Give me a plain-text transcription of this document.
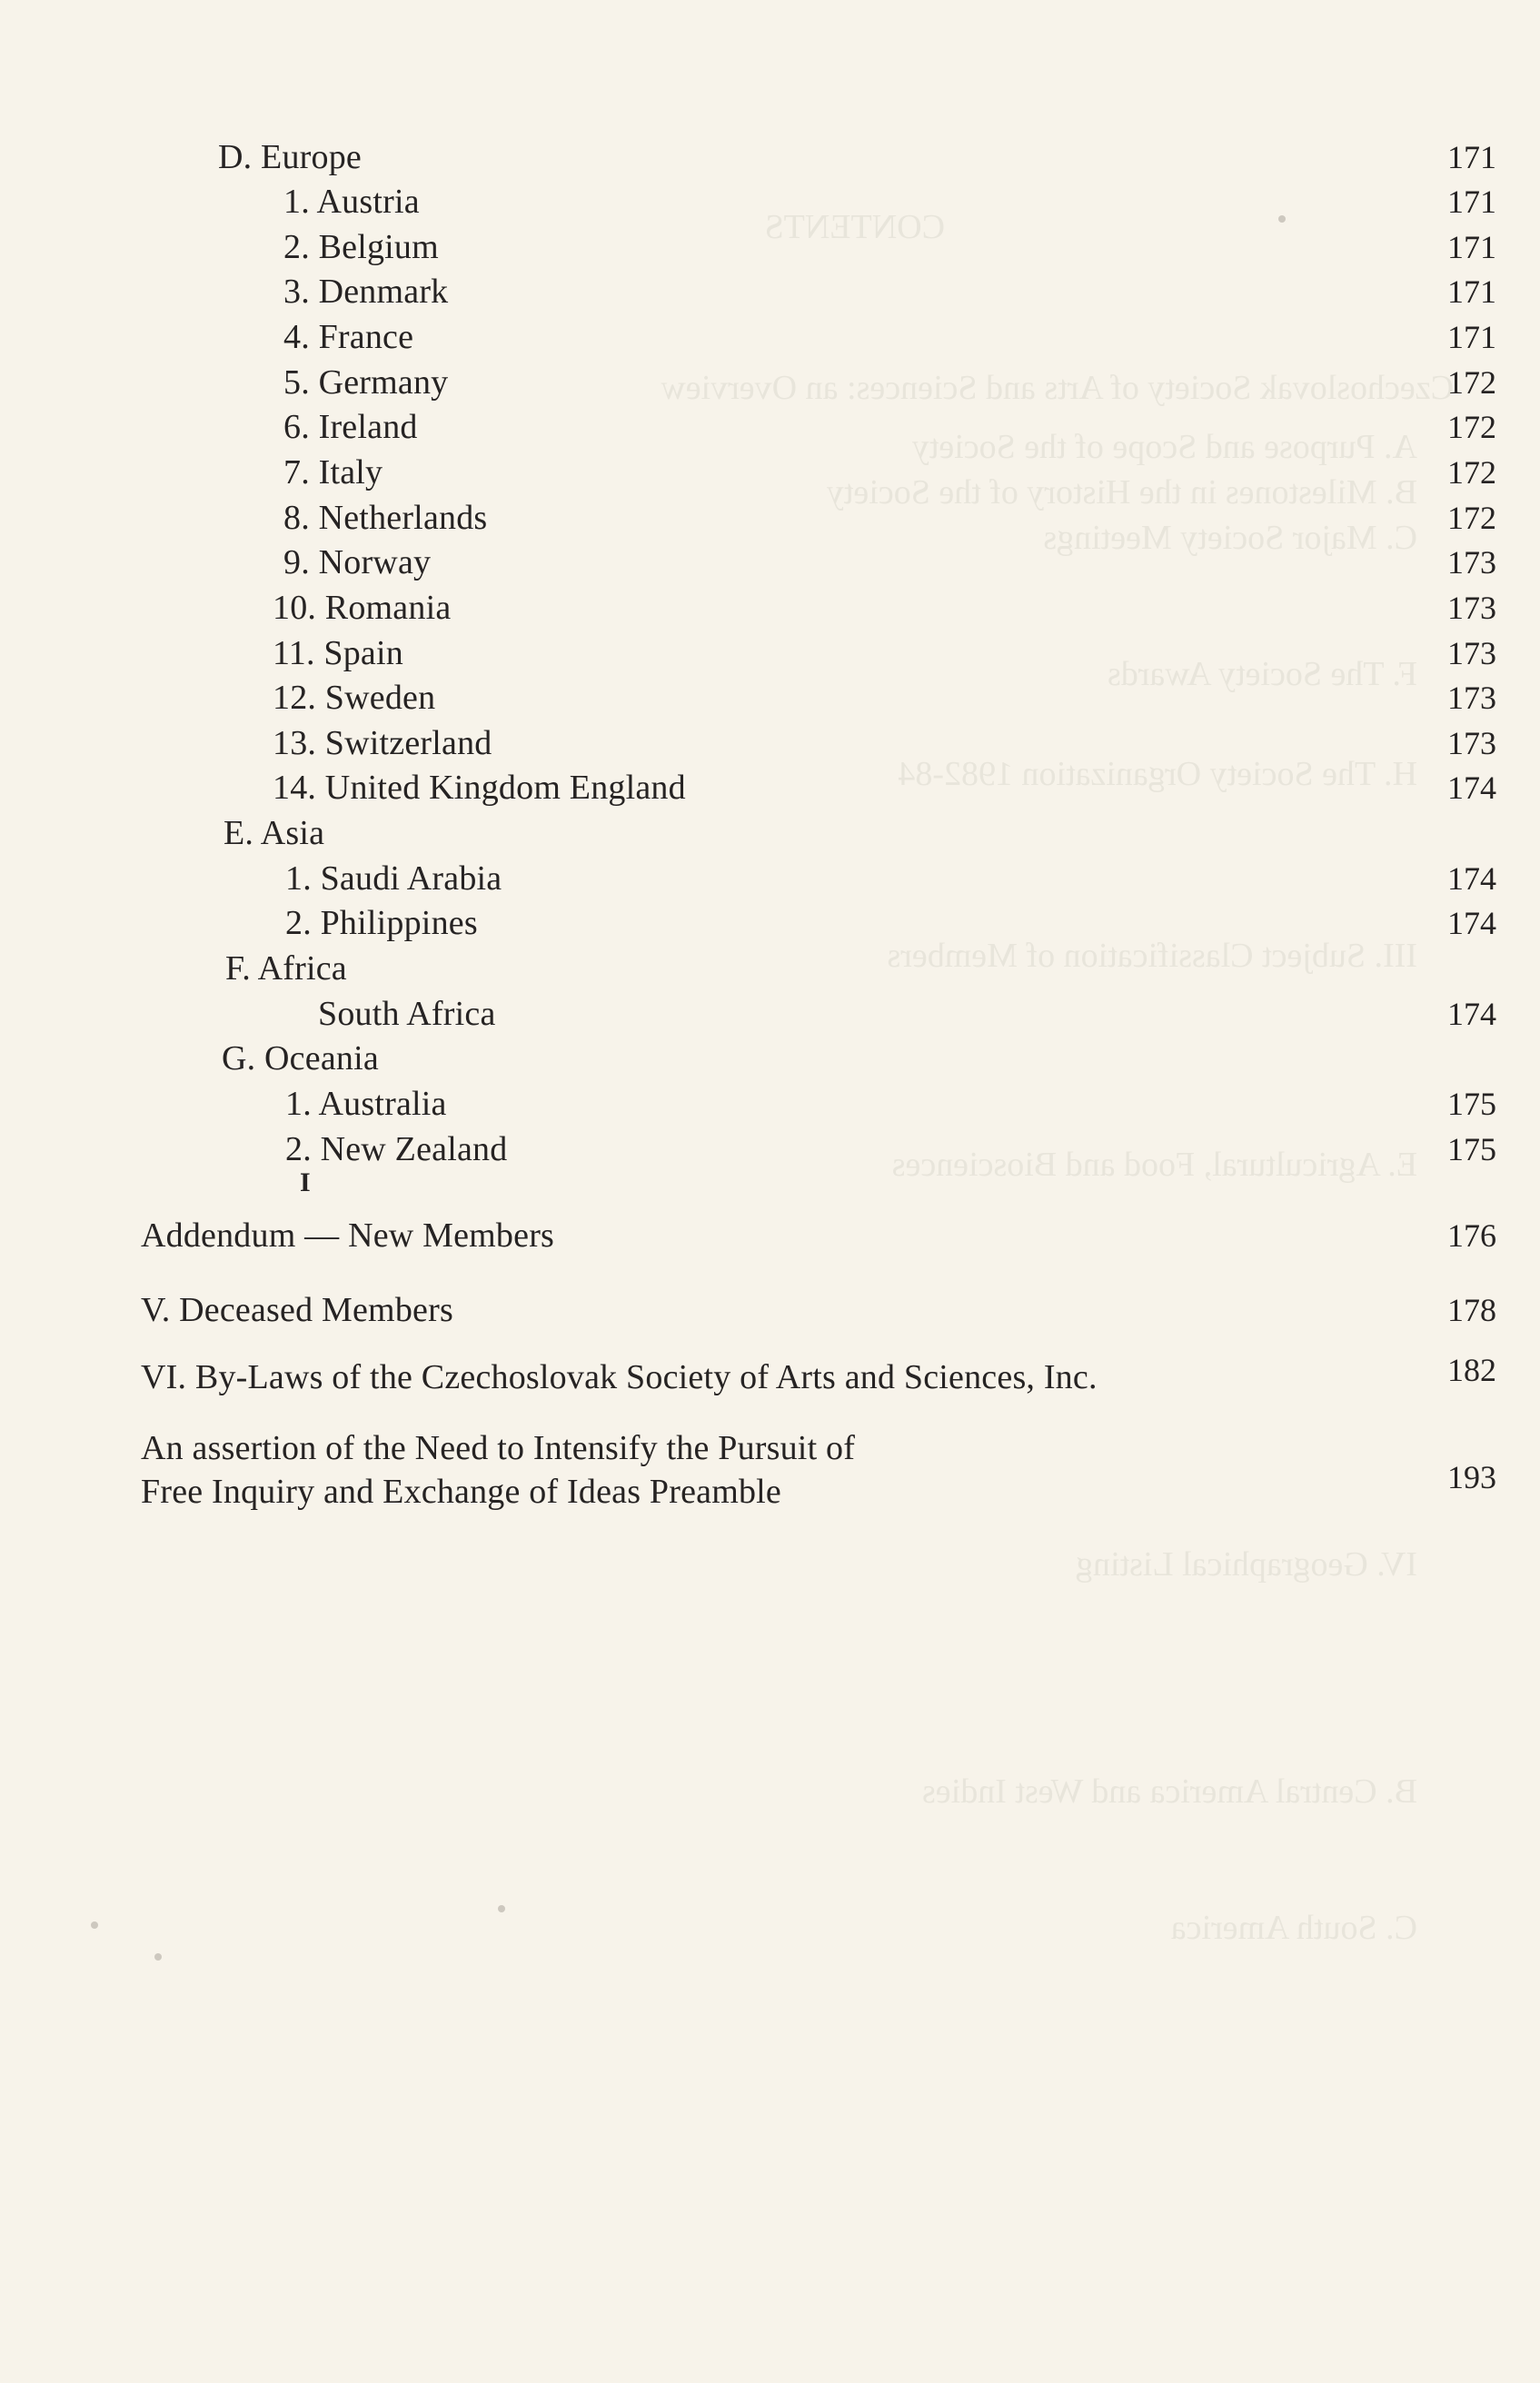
CONTENTS
Czechoslovak Society of Arts and Sciences: an Overview
A. Purpose and Scope of the Society
B. Milestones in the History of the Society
C. Major Society Meetings
F. The Society Awards
H. The Society Organization 1982-84
III. Subject Classification of Members
E. Agricultural, Food and Biosciences
IV. Geographical Listing
B. Central America and West Indies
C. South America
D. Europe	171
1. Austria	171
2. Belgium	171
3. Denmark	171
4. France	171
5. Germany	172
6. Ireland	172
7. Italy	172
8. Netherlands	172
9. Norway	173
10. Romania	173
11. Spain	173
12. Sweden	173
13. Switzerland	173
14. United Kingdom England	174
E. Asia
1. Saudi Arabia	174
2. Philippines	174
F. Africa
South Africa	174
G. Oceania
1. Australia	175
2. New Zealand	175
I
Addendum — New Members	176
V. Deceased Members	178
VI. By-Laws of the Czechoslovak Society of Arts and Sciences, Inc.	182
An assertion of the Need to Intensify the Pursuit of
Free Inquiry and Exchange of Ideas Preamble	193
